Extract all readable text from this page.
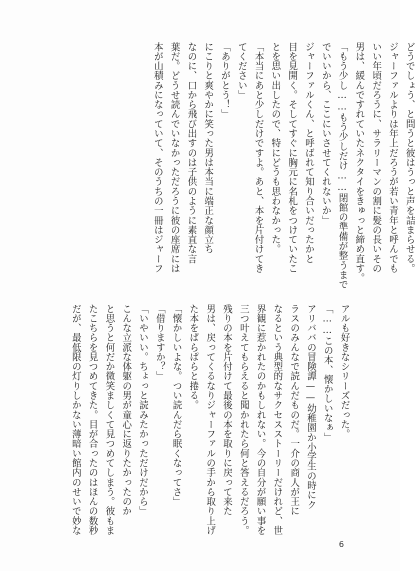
どうでしょう、と問うと彼はうっと声を詰まらせる。
ジャーファルよりは年上だろうが若い青年と呼んでも
いい年頃だろうに、サラリーマンの割に髪の長いその
男は、緩んですれていたネクタイをきゅっと締め直す。
「もう少し……もう少しだけ……閉館の準備が整うまで
でいいから、ここにいさせてくれないか」
ジャーファルくん、と呼ばれて知り合いだったかと
目を見開く。そしてすぐに胸元に名札をつけていたこ
とを思い出したので、特にどうも思わなかった。
「本当にあと少しだけですよ。あと、本を片付けてき
てください」
「ありがとう！」
にこりと爽やかに笑った男は本当に端正な顔立ち
なのに、口から飛び出すのは子供のように素直な言
葉だ。どうせ読んでいなかっただろうに彼の座席には
本が山積みになっていて、そのうちの一冊はジャーフ
アルも好きなシリーズだった。
「……この本、懐かしいなぁ」
アリババの冒険譚——幼稚園か小学生の時にク
ラスのみんなで読んだものだ。一介の商人が王に
なるという典型的なサクセスストーリーだけれど、世
界観に惹かれたのかもしれない。今の自分が願い事を
三つ叶えてもらえると聞かれたら何と答えるだろう。
残りの本を片付けて最後の本を取りに戻って来た
男は、戻ってくるなりジャーファルの手から取り上げ
た本をぱらぱらと捲る。
「懐かしいよな。つい読んだら眠くなってさ」
「借りますか？」
「いやいい。ちょっと読みたかっただけだから」
こんな立派な体躯の男が童心に返りたかったのか
と思うと何だか微笑ましくて見つめてしまう。彼もま
たこちらを見つめてきた。目が合ったのはほんの数秒
だが、最低限の灯りしかない薄暗い館内のせいで妙な
6
